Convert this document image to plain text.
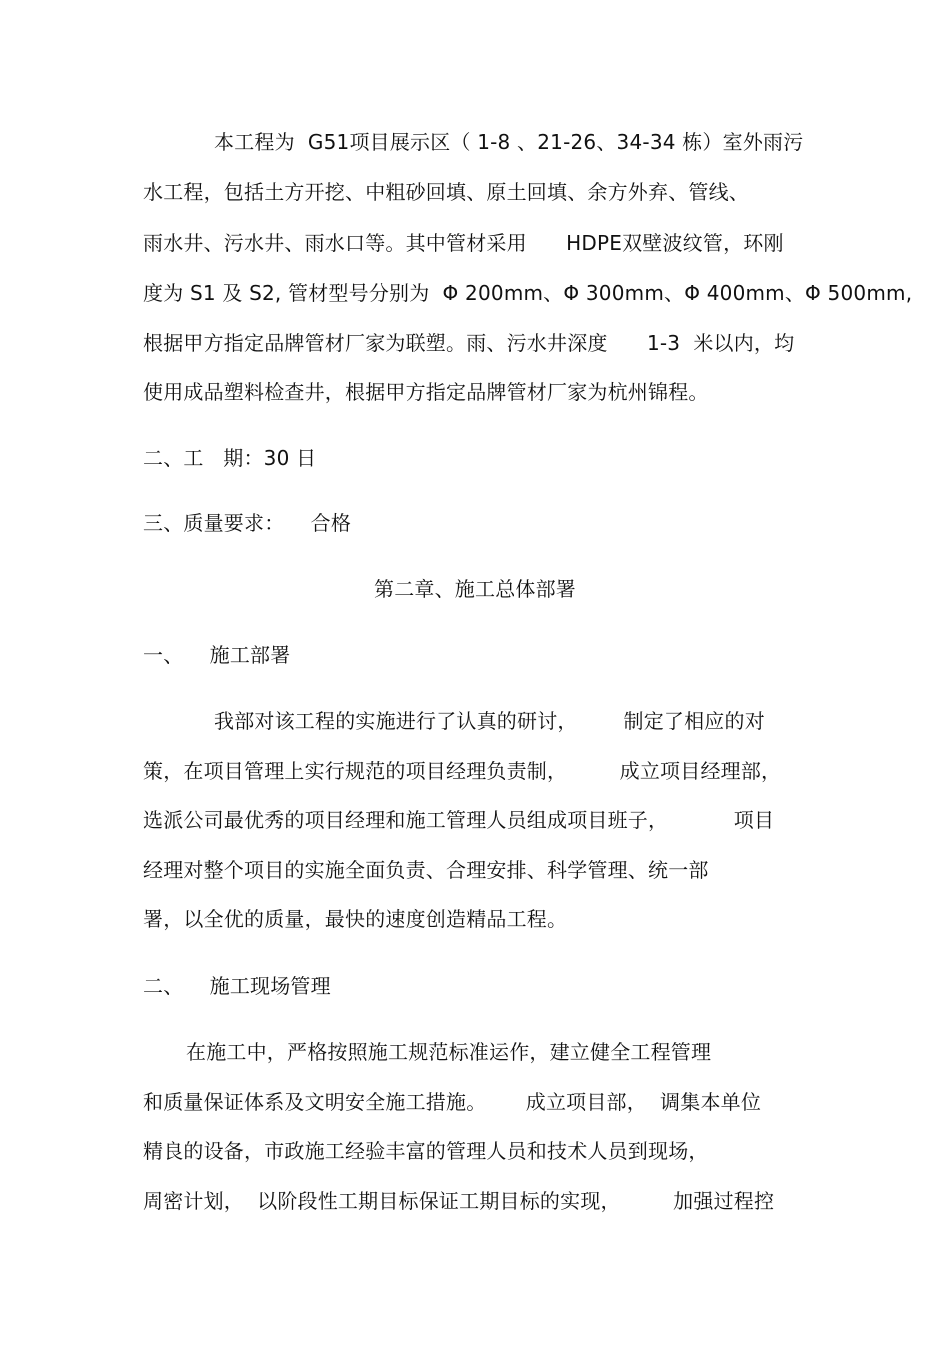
本工程为  G51项目展示区（ 1-8 、21-26、34-34 栋）室外雨污
水工程，包括土方开挖、中粗砂回填、原土回填、余方外弃、管线、
雨水井、污水井、雨水口等。其中管材采用      HDPE双壁波纹管，环刚
度为 S1 及 S2, 管材型号分别为  Φ 200mm、Φ 300mm、Φ 400mm、Φ 500mm,
根据甲方指定品牌管材厂家为联塑。雨、污水井深度      1-3  米以内，均
使用成品塑料检查井，根据甲方指定品牌管材厂家为杭州锦程。
二、工   期：30 日
三、质量要求：    合格
第二章、施工总体部署
一、    施工部署
我部对该工程的实施进行了认真的研讨，       制定了相应的对
策，在项目管理上实行规范的项目经理负责制，        成立项目经理部，
选派公司最优秀的项目经理和施工管理人员组成项目班子，          项目
经理对整个项目的实施全面负责、合理安排、科学管理、统一部
署，以全优的质量，最快的速度创造精品工程。
二、    施工现场管理
在施工中，严格按照施工规范标准运作，建立健全工程管理
和质量保证体系及文明安全施工措施。      成立项目部，  调集本单位
精良的设备，市政施工经验丰富的管理人员和技术人员到现场，
周密计划，  以阶段性工期目标保证工期目标的实现，        加强过程控
